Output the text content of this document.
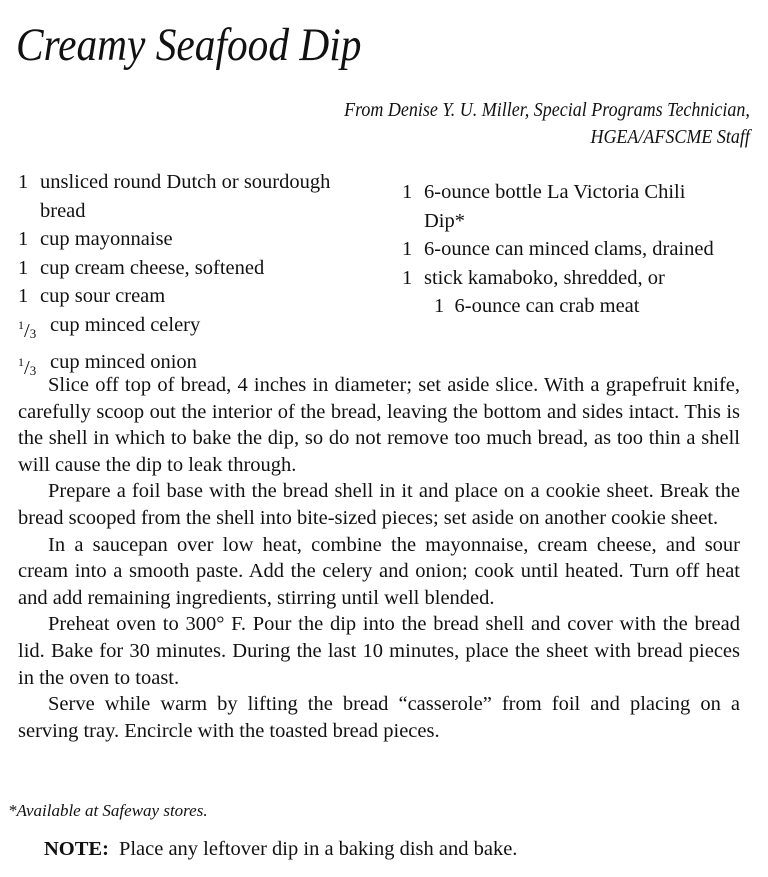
Creamy Seafood Dip
From Denise Y. U. Miller, Special Programs Technician,
HGEA/AFSCME Staff
1 unsliced round Dutch or sourdough bread
1 cup mayonnaise
1 cup cream cheese, softened
1 cup sour cream
$^1/_3$ cup minced celery
$^1/_3$ cup minced onion
1 6-ounce bottle La Victoria Chili Dip*
1 6-ounce can minced clams, drained
1 stick kamaboko, shredded, or
1  6-ounce can crab meat

Slice off top of bread, 4 inches in diameter; set aside slice. With a grapefruit knife, carefully scoop out the interior of the bread, leaving the bottom and sides intact. This is the shell in which to bake the dip, so do not remove too much bread, as too thin a shell will cause the dip to leak through.

Prepare a foil base with the bread shell in it and place on a cookie sheet. Break the bread scooped from the shell into bite-sized pieces; set aside on another cookie sheet.

In a saucepan over low heat, combine the mayonnaise, cream cheese, and sour cream into a smooth paste. Add the celery and onion; cook until heated. Turn off heat and add remaining ingredients, stirring until well blended.

Preheat oven to 300° F. Pour the dip into the bread shell and cover with the bread lid. Bake for 30 minutes. During the last 10 minutes, place the sheet with bread pieces in the oven to toast.

Serve while warm by lifting the bread “casserole” from foil and placing on a serving tray. Encircle with the toasted bread pieces.

*Available at Safeway stores.
NOTE: Place any leftover dip in a baking dish and bake.
